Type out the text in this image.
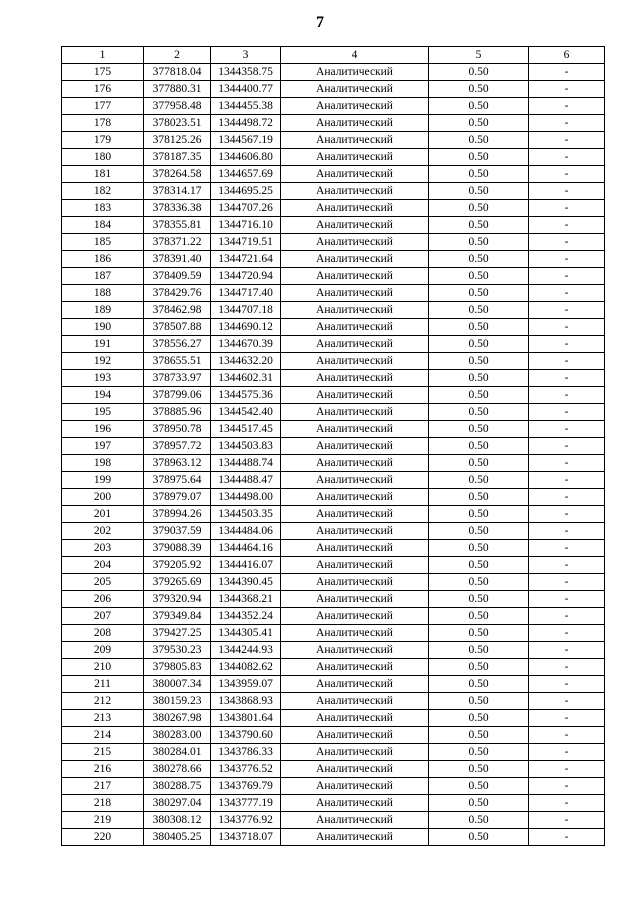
7
1	2	3	4	5	6
175	377818.04	1344358.75	Аналитический	0.50	-
176	377880.31	1344400.77	Аналитический	0.50	-
177	377958.48	1344455.38	Аналитический	0.50	-
178	378023.51	1344498.72	Аналитический	0.50	-
179	378125.26	1344567.19	Аналитический	0.50	-
180	378187.35	1344606.80	Аналитический	0.50	-
181	378264.58	1344657.69	Аналитический	0.50	-
182	378314.17	1344695.25	Аналитический	0.50	-
183	378336.38	1344707.26	Аналитический	0.50	-
184	378355.81	1344716.10	Аналитический	0.50	-
185	378371.22	1344719.51	Аналитический	0.50	-
186	378391.40	1344721.64	Аналитический	0.50	-
187	378409.59	1344720.94	Аналитический	0.50	-
188	378429.76	1344717.40	Аналитический	0.50	-
189	378462.98	1344707.18	Аналитический	0.50	-
190	378507.88	1344690.12	Аналитический	0.50	-
191	378556.27	1344670.39	Аналитический	0.50	-
192	378655.51	1344632.20	Аналитический	0.50	-
193	378733.97	1344602.31	Аналитический	0.50	-
194	378799.06	1344575.36	Аналитический	0.50	-
195	378885.96	1344542.40	Аналитический	0.50	-
196	378950.78	1344517.45	Аналитический	0.50	-
197	378957.72	1344503.83	Аналитический	0.50	-
198	378963.12	1344488.74	Аналитический	0.50	-
199	378975.64	1344488.47	Аналитический	0.50	-
200	378979.07	1344498.00	Аналитический	0.50	-
201	378994.26	1344503.35	Аналитический	0.50	-
202	379037.59	1344484.06	Аналитический	0.50	-
203	379088.39	1344464.16	Аналитический	0.50	-
204	379205.92	1344416.07	Аналитический	0.50	-
205	379265.69	1344390.45	Аналитический	0.50	-
206	379320.94	1344368.21	Аналитический	0.50	-
207	379349.84	1344352.24	Аналитический	0.50	-
208	379427.25	1344305.41	Аналитический	0.50	-
209	379530.23	1344244.93	Аналитический	0.50	-
210	379805.83	1344082.62	Аналитический	0.50	-
211	380007.34	1343959.07	Аналитический	0.50	-
212	380159.23	1343868.93	Аналитический	0.50	-
213	380267.98	1343801.64	Аналитический	0.50	-
214	380283.00	1343790.60	Аналитический	0.50	-
215	380284.01	1343786.33	Аналитический	0.50	-
216	380278.66	1343776.52	Аналитический	0.50	-
217	380288.75	1343769.79	Аналитический	0.50	-
218	380297.04	1343777.19	Аналитический	0.50	-
219	380308.12	1343776.92	Аналитический	0.50	-
220	380405.25	1343718.07	Аналитический	0.50	-
